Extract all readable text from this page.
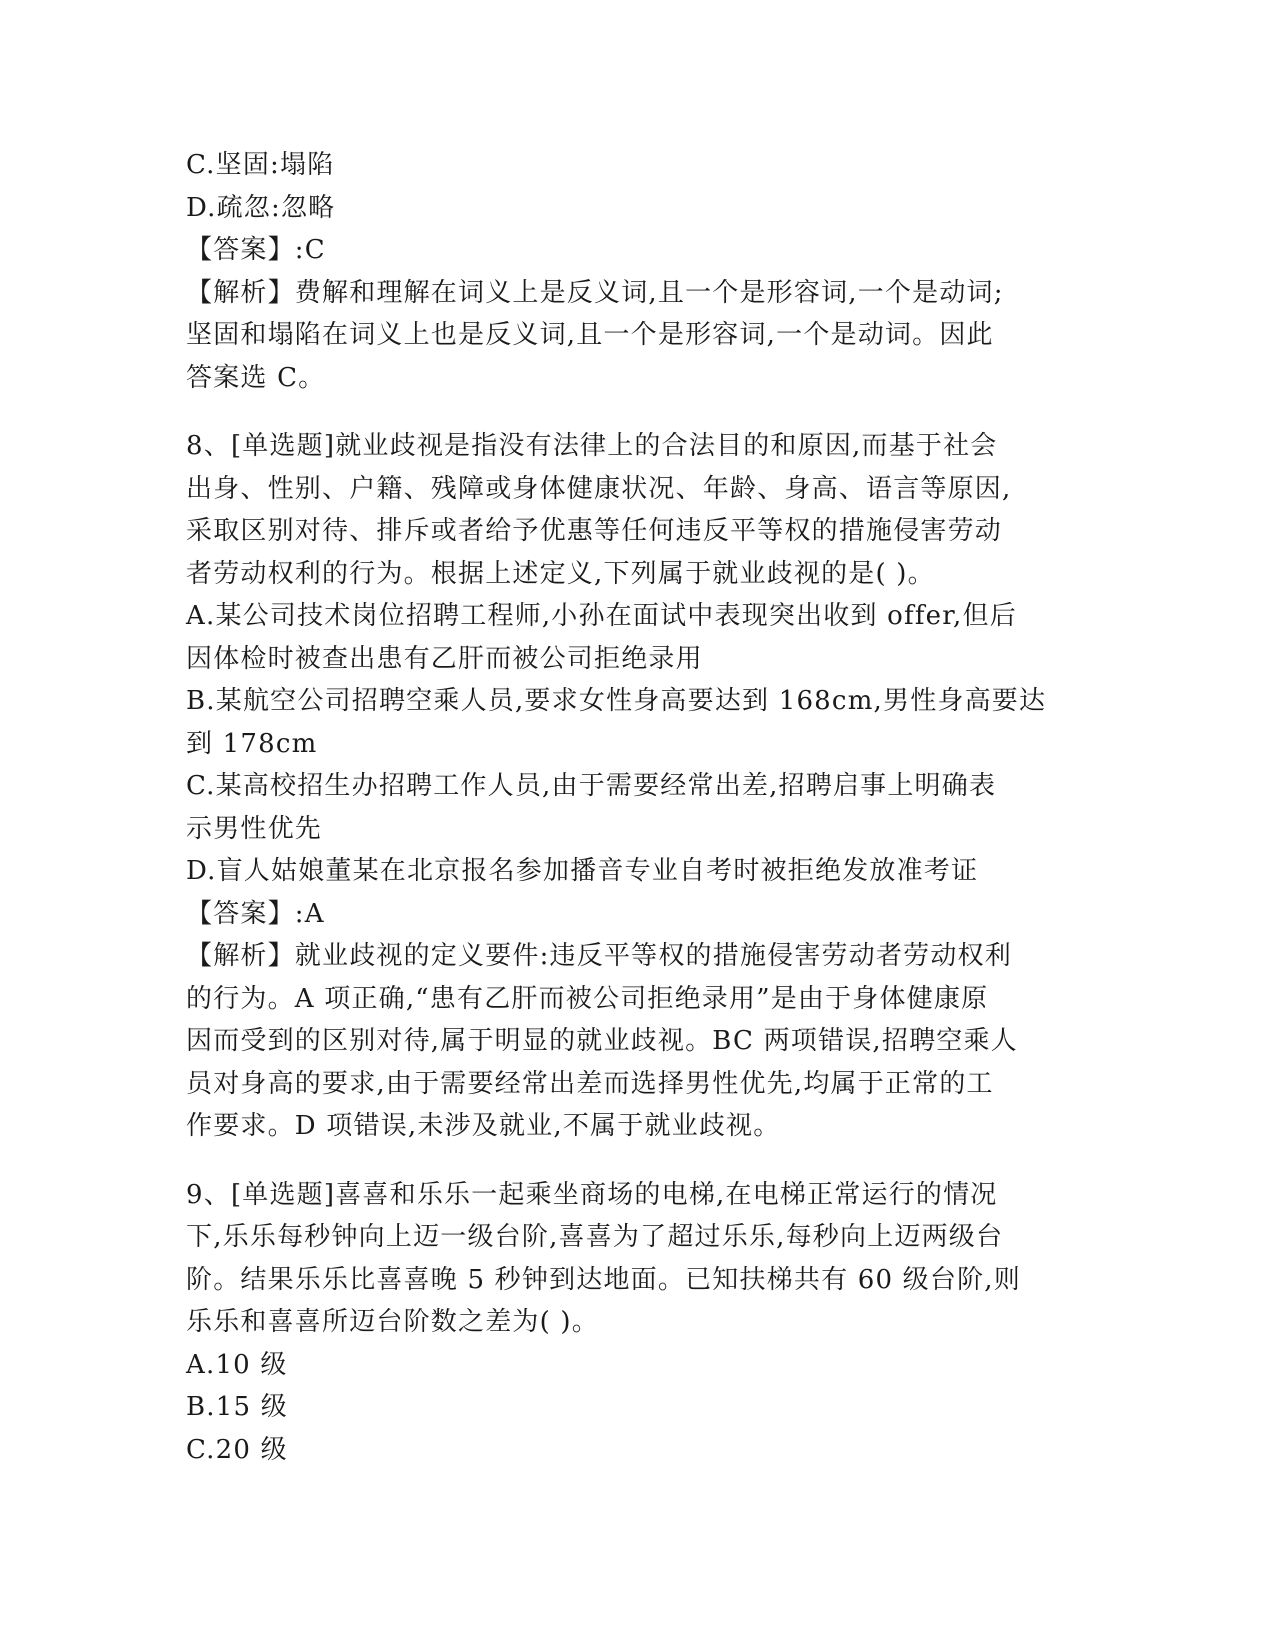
C.坚固:塌陷
D.疏忽:忽略
【答案】:C
【解析】费解和理解在词义上是反义词,且一个是形容词,一个是动词;
坚固和塌陷在词义上也是反义词,且一个是形容词,一个是动词。因此
答案选 C。
8、[单选题]就业歧视是指没有法律上的合法目的和原因,而基于社会
出身、性别、户籍、残障或身体健康状况、年龄、身高、语言等原因,
采取区别对待、排斥或者给予优惠等任何违反平等权的措施侵害劳动
者劳动权利的行为。根据上述定义,下列属于就业歧视的是( )。
A.某公司技术岗位招聘工程师,小孙在面试中表现突出收到 offer,但后
因体检时被查出患有乙肝而被公司拒绝录用
B.某航空公司招聘空乘人员,要求女性身高要达到 168cm,男性身高要达
到 178cm
C.某高校招生办招聘工作人员,由于需要经常出差,招聘启事上明确表
示男性优先
D.盲人姑娘董某在北京报名参加播音专业自考时被拒绝发放准考证
【答案】:A
【解析】就业歧视的定义要件:违反平等权的措施侵害劳动者劳动权利
的行为。A 项正确,“患有乙肝而被公司拒绝录用”是由于身体健康原
因而受到的区别对待,属于明显的就业歧视。BC 两项错误,招聘空乘人
员对身高的要求,由于需要经常出差而选择男性优先,均属于正常的工
作要求。D 项错误,未涉及就业,不属于就业歧视。
9、[单选题]喜喜和乐乐一起乘坐商场的电梯,在电梯正常运行的情况
下,乐乐每秒钟向上迈一级台阶,喜喜为了超过乐乐,每秒向上迈两级台
阶。结果乐乐比喜喜晚 5 秒钟到达地面。已知扶梯共有 60 级台阶,则
乐乐和喜喜所迈台阶数之差为( )。
A.10 级
B.15 级
C.20 级
